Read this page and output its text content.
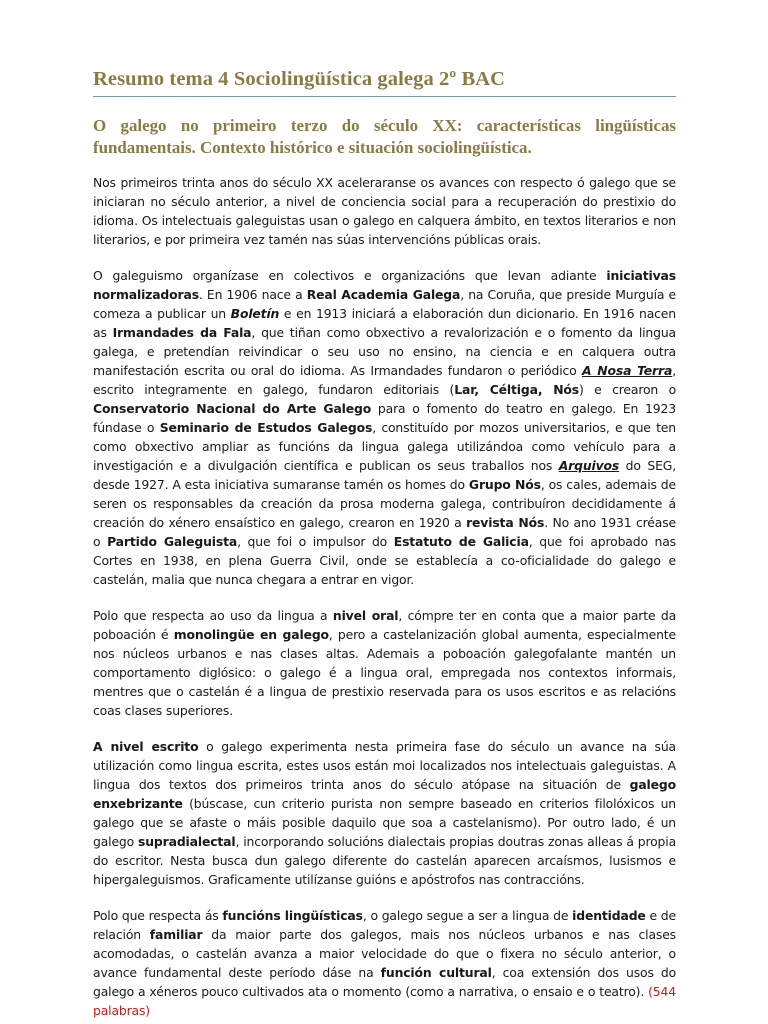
Resumo tema 4 Sociolingüística galega 2º BAC
O galego no primeiro terzo do século XX: características lingüísticas fundamentais. Contexto histórico e situación sociolingüística.

Nos primeiros trinta anos do século XX aceleraranse os avances con respecto ó galego que se iniciaran no século anterior, a nivel de conciencia social para a recuperación do prestixio do idioma. Os intelectuais galeguistas usan o galego en calquera ámbito, en textos literarios e non literarios, e por primeira vez tamén nas súas intervencións públicas orais.

O galeguismo organízase en colectivos e organizacións que levan adiante iniciativas normalizadoras. En 1906 nace a Real Academia Galega, na Coruña, que preside Murguía e comeza a publicar un Boletín e en 1913 iniciará a elaboración dun dicionario. En 1916 nacen as Irmandades da Fala, que tiñan como obxectivo a revalorización e o fomento da lingua galega, e pretendían reivindicar o seu uso no ensino, na ciencia e en calquera outra manifestación escrita ou oral do idioma. As Irmandades fundaron o periódico A Nosa Terra, escrito integramente en galego, fundaron editoriais (Lar, Céltiga, Nós) e crearon o Conservatorio Nacional do Arte Galego para o fomento do teatro en galego. En 1923 fúndase o Seminario de Estudos Galegos, constituído por mozos universitarios, e que ten como obxectivo ampliar as funcións da lingua galega utilizándoa como vehículo para a investigación e a divulgación científica e publican os seus traballos nos Arquivos do SEG, desde 1927. A esta iniciativa sumaranse tamén os homes do Grupo Nós, os cales, ademais de seren os responsables da creación da prosa moderna galega, contribuíron decididamente á creación do xénero ensaístico en galego, crearon en 1920 a revista Nós. No ano 1931 créase o Partido Galeguista, que foi o impulsor do Estatuto de Galicia, que foi aprobado nas Cortes en 1938, en plena Guerra Civil, onde se establecía a co-oficialidade do galego e castelán, malia que nunca chegara a entrar en vigor.

Polo que respecta ao uso da lingua a nivel oral, cómpre ter en conta que a maior parte da poboación é monolingüe en galego, pero a castelanización global aumenta, especialmente nos núcleos urbanos e nas clases altas. Ademais a poboación galegofalante mantén un comportamento diglósico: o galego é a lingua oral, empregada nos contextos informais, mentres que o castelán é a lingua de prestixio reservada para os usos escritos e as relacións coas clases superiores.

A nivel escrito o galego experimenta nesta primeira fase do século un avance na súa utilización como lingua escrita, estes usos están moi localizados nos intelectuais galeguistas. A lingua dos textos dos primeiros trinta anos do século atópase na situación de galego enxebrizante (búscase, cun criterio purista non sempre baseado en criterios filolóxicos un galego que se afaste o máis posible daquilo que soa a castelanismo). Por outro lado, é un galego supradialectal, incorporando solucións dialectais propias doutras zonas alleas á propia do escritor. Nesta busca dun galego diferente do castelán aparecen arcaísmos, lusismos e hipergaleguismos. Graficamente utilízanse guións e apóstrofos nas contraccións.

Polo que respecta ás funcións lingüísticas, o galego segue a ser a lingua de identidade e de relación familiar da maior parte dos galegos, mais nos núcleos urbanos e nas clases acomodadas, o castelán avanza a maior velocidade do que o fixera no século anterior, o avance fundamental deste período dáse na función cultural, coa extensión dos usos do galego a xéneros pouco cultivados ata o momento (como a narrativa, o ensaio e o teatro). (544 palabras)
